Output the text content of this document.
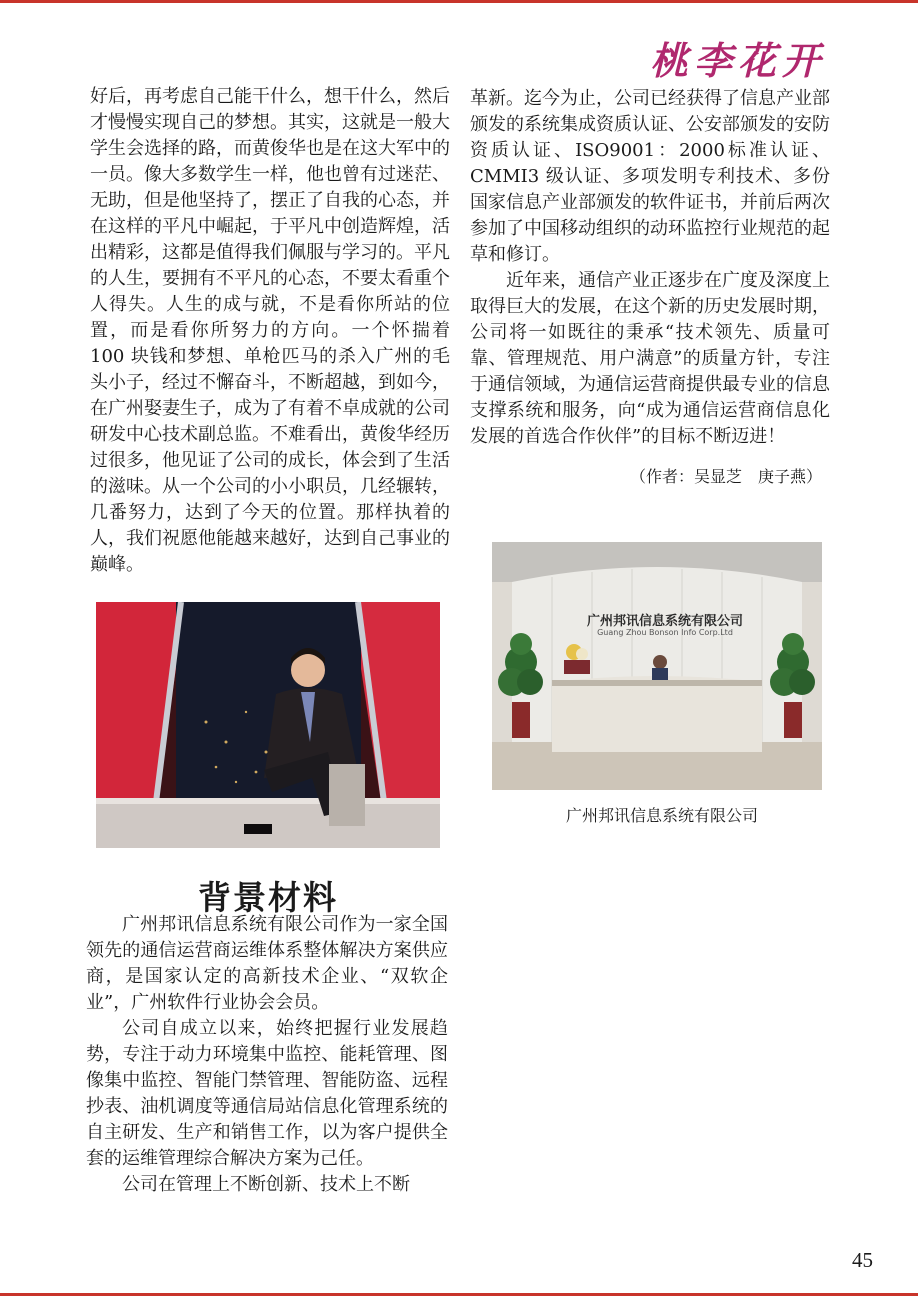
桃李花开

好后，再考虑自己能干什么，想干什么，然后才慢慢实现自己的梦想。其实，这就是一般大学生会选择的路，而黄俊华也是在这大军中的一员。像大多数学生一样，他也曾有过迷茫、无助，但是他坚持了，摆正了自我的心态，并在这样的平凡中崛起，于平凡中创造辉煌，活出精彩，这都是值得我们佩服与学习的。平凡的人生，要拥有不平凡的心态，不要太看重个人得失。人生的成与就，不是看你所站的位置，而是看你所努力的方向。一个怀揣着 100 块钱和梦想、单枪匹马的杀入广州的毛头小子，经过不懈奋斗，不断超越，到如今，在广州娶妻生子，成为了有着不卓成就的公司研发中心技术副总监。不难看出，黄俊华经历过很多，他见证了公司的成长，体会到了生活的滋味。从一个公司的小小职员，几经辗转，几番努力，达到了今天的位置。那样执着的人，我们祝愿他能越来越好，达到自己事业的巅峰。

革新。迄今为止，公司已经获得了信息产业部颁发的系统集成资质认证、公安部颁发的安防资质认证、ISO9001：2000标准认证、CMMI3 级认证、多项发明专利技术、多份国家信息产业部颁发的软件证书，并前后两次参加了中国移动组织的动环监控行业规范的起草和修订。

近年来，通信产业正逐步在广度及深度上取得巨大的发展，在这个新的历史发展时期，公司将一如既往的秉承“技术领先、质量可靠、管理规范、用户满意”的质量方针，专注于通信领域，为通信运营商提供最专业的信息支撑系统和服务，向“成为通信运营商信息化发展的首选合作伙伴”的目标不断迈进！

（作者：吴显芝　庚子燕）
广州邦讯信息系统有限公司
Guang Zhou Bonson Info Corp.Ltd
广州邦讯信息系统有限公司
背景材料

广州邦讯信息系统有限公司作为一家全国领先的通信运营商运维体系整体解决方案供应商，是国家认定的高新技术企业、“双软企业”，广州软件行业协会会员。

公司自成立以来，始终把握行业发展趋势，专注于动力环境集中监控、能耗管理、图像集中监控、智能门禁管理、智能防盗、远程抄表、油机调度等通信局站信息化管理系统的自主研发、生产和销售工作，以为客户提供全套的运维管理综合解决方案为己任。

公司在管理上不断创新、技术上不断

45
